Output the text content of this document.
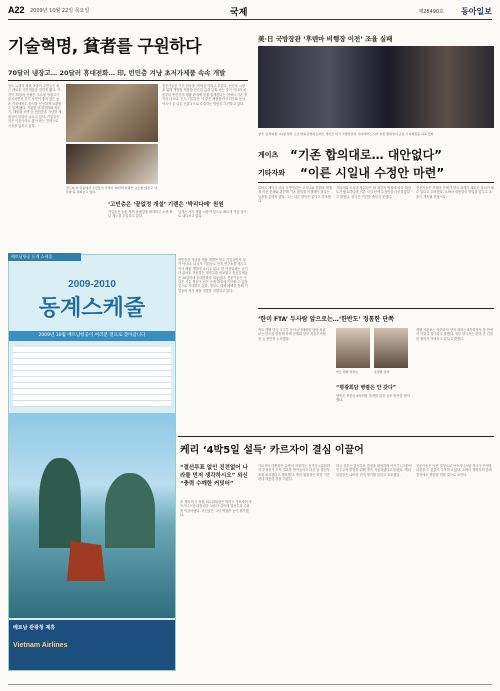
A22 2009년 10월 22일 목요일	국제	제28490호 동아일보
기술혁명, 貧者를 구원하다
70달러 냉장고… 20달러 휴대전화… 印, 빈민층 겨냥 초저가제품 속속 개발
인도 뉴델리 외곽 마을의 주민들은 최근 새로운 가전제품을 접하게 됐다. 가격이 70달러 안팎인 초소형 냉장고가 출시되면서 전기 사정이 좋지 않은 농촌 가정에서도 음식을 신선하게 보관할 수 있게 됐다. 저렴한 휴대전화와 정수기, 태양광 조명 등 빈민층을 겨냥한 제품들이 잇달아 나오고 있다. 기업들은 적은 이윤이라도 많이 파는 전략으로 시장을 넓히고 있다.
인도의 한 마을에서 주민들이 가격이 70달러 안팎인 초소형 냉장고 ‘초투쿨’을 살펴보고 있다.
‘고빈층은 ‘끝없정 개설’ 기렌은 ‘박리다메’ 원원
전문가들은 이런 현상을 ‘역혁신’이라고 부른다. 선진국 시장을 위해 개발한 제품을 단순히 값을 낮춰 파는 것이 아니라 처음부터 빈민층의 생활 환경에 맞춰 설계한다는 점에서 기존 방식과 다르다. 인도 기업들은 이 같은 제품을 아프리카와 동남아시아 등 다른 신흥국으로 수출하는 방안도 추진하고 있다.
업계는 저가 제품 시장이 앞으로 빠르게 커질 것으로 내다보고 있다.
기업들은 농촌 지역 판매망을 확대하고 소액 할부 제도를 도입하고 있다.
2009-2010
동계스케줄
2009년 10월 베트남항공이 여러분 곁으로 찾아갑니다
베트남 관광청 제휴
Vietnam Airlines
베트남항공 동계 스케줄
빈민층을 겨냥한 제품 개발은 인도 기업들만의 일이 아니다. 다국적 기업들도 현지 연구소를 세우고 저가 제품 개발에 나서고 있다. 한 가전업체는 전기가 없어도 작동하는 냉장고를 선보였고 통신업체들은 20달러대 휴대전화를 내놓았다. 전문가들은 이 같은 기술 혁신이 빈곤 문제 해결에 기여할 수 있을 것으로 기대하고 있다. 정부도 세제 혜택을 통해 기업들의 저가 제품 개발을 지원하고 있다.
美·日 국방장관 ‘후텐마 비행장 이전’ 조율 실패
양국 ‘동상이몽’ 21일 일본 도쿄 방위성에서 로버트 게이츠 미국 국방장관과 기타자와 도시미 일본 방위상이 공동 기자회견을 하고 있다.
게이츠 “기존 합의대로… 대안없다”
기타자와 “이른 시일내 수정안 마련”
로버트 게이츠 미국 국방장관은 오키나와 후텐마 비행장 이전 문제와 관련해 기존 합의를 이행해야 한다는 입장을 분명히 했다. 그는 다른 대안은 없다고 강조했다.
기타자와 도시미 방위상은 새 정부의 방침에 따라 재검토가 필요하다며 이른 시일 안에 수정안을 마련하겠다고 밝혔다. 양국은 이견을 좁히지 못했다.
전문가들은 후텐마 문제가 양국 관계의 새로운 불씨가 될 수 있다고 우려했다. 오바마 대통령의 방일을 앞두고 조율이 계속될 전망이다.
‘한미 FTA’ 두사람 앞으로는…‘한반도’ 정통한 단쪽
커트 캠벨 미국 국무부 동아시아태평양 담당 차관보는 한국을 방문해 북핵 문제와 한미 자유무역협정 등 현안을 논의했다.
커트 캠벨 차관보	유명환 장관
“평광회담 병렬은 안 갖다”
양측은 북한의 6자회담 복귀를 위한 공조 방안을 협의했다.
캠벨 차관보는 북한과의 양자 대화는 6자회담의 틀 안에서 이뤄질 것이라고 말했다. 정부 당국자는 한미 간 긴밀한 협의가 이어지고 있다고 밝혔다.
케리 ‘4박5일 설득’ 카르자이 결심 이끌어
“결선투표 없인 진전없어 나라를 먼저 생각하시오” 외신 “충력 수깨한 커밋터”
존 케리 미국 상원 외교위원장은 하미드 카르자이 아프가니스탄 대통령을 나흘간 설득해 결선투표 수용을 이끌어냈다. 외신들은 그의 역할을 높이 평가했다.
카르자이 대통령은 유엔이 지원하는 선거감시위원회의 부정선거 조사 결과를 받아들이고 다음 달 결선투표를 치르겠다고 발표했다. 케리 위원장은 회담 기간 내내 대통령 곁을 지켰다.
미국 정부는 결선투표 결정을 환영하며 아프가니스탄의 민주주의 발전을 위해 계속 지원하겠다고 밝혔다. 케리 위원장은 나라를 먼저 생각해 달라고 호소했다.
전문가들은 이번 결정으로 아프가니스탄 정국이 안정을 되찾을 수 있을지 주목하고 있다. 오바마 행정부의 증파 결정에도 영향을 미칠 것으로 보인다.
